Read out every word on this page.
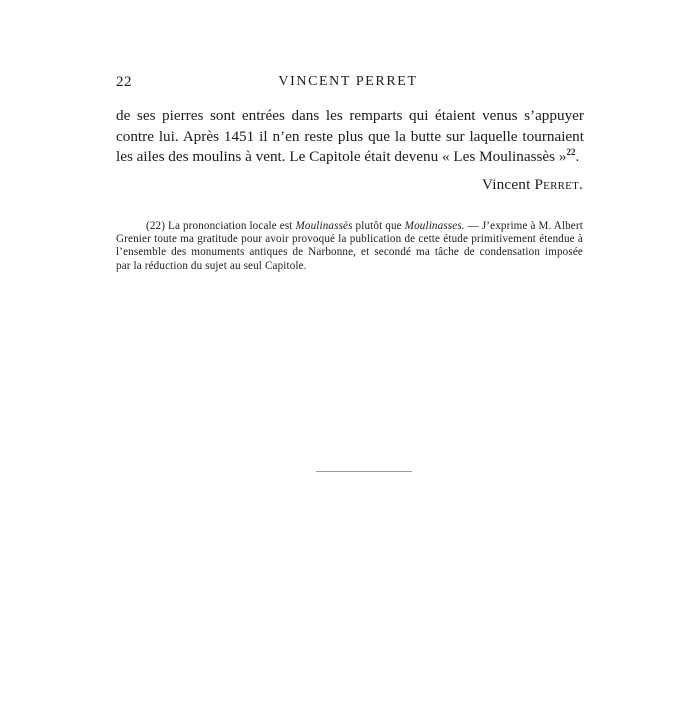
22	VINCENT PERRET
de ses pierres sont entrées dans les remparts qui étaient venus s’appuyer
contre lui. Après 1451 il n’en reste plus que la butte sur laquelle tournaient
les ailes des moulins à vent. Le Capitole était devenu « Les Moulinassès »$^{22}$.
Vincent Perret.
(22) La prononciation locale est Moulinassès plutôt que Moulinasses. — J’exprime à M. Albert
Grenier toute ma gratitude pour avoir provoqué la publication de cette étude primitivement étendue à
l’ensemble des monuments antiques de Narbonne, et secondé ma tâche de condensation imposée
par la réduction du sujet au seul Capitole.
